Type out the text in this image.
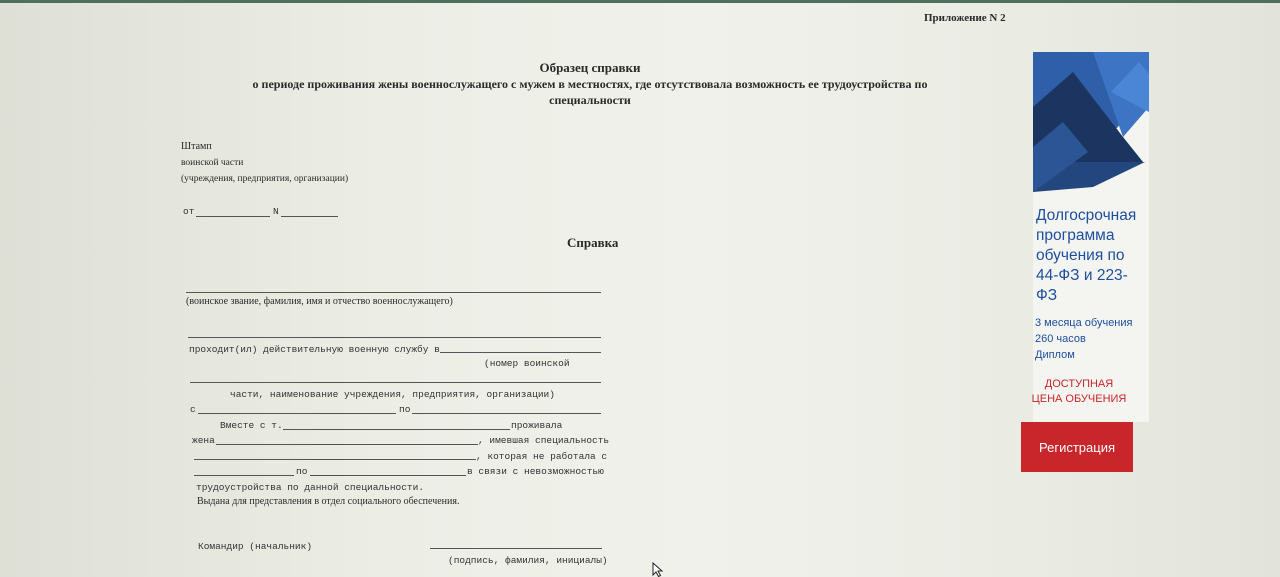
Приложение N 2
Образец справки
о периоде проживания жены военнослужащего с мужем в местностях, где отсутствовала возможность ее трудоустройства по
специальности
Штамп
воинской части
(учреждения, предприятия, организации)
от	N
Справка
(воинское звание, фамилия, имя и отчество военнослужащего)
проходит(ил) действительную военную службу в
(номер воинской
части, наименование учреждения, предприятия, организации)
с	по
Вместе с т.	проживала
жена	, имевшая специальность
, которая не работала с
по	в связи с невозможностью
трудоустройства по данной специальности.
Выдана для представления в отдел социального обеспечения.
Командир (начальник)
(подпись, фамилия, инициалы)
Долгосрочная программа обучения по 44-ФЗ и 223-ФЗ
3 месяца обучения
260 часов
Диплом
ДОСТУПНАЯ ЦЕНА ОБУЧЕНИЯ
Регистрация
